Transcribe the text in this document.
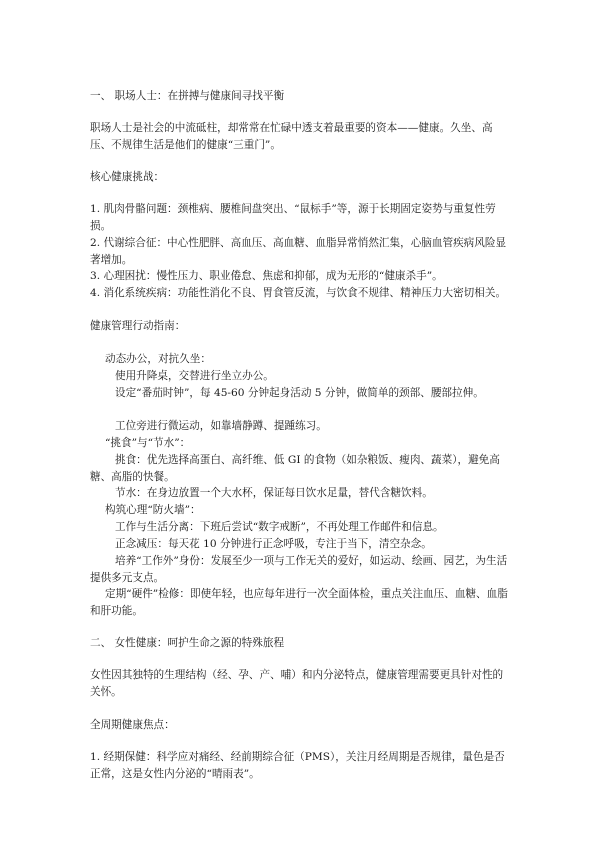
一、 职场人士：在拼搏与健康间寻找平衡

职场人士是社会的中流砥柱，却常常在忙碌中透支着最重要的资本——健康。久坐、高压、不规律生活是他们的健康“三重门”。

核心健康挑战：

1. 肌肉骨骼问题：颈椎病、腰椎间盘突出、“鼠标手”等，源于长期固定姿势与重复性劳损。

2. 代谢综合征：中心性肥胖、高血压、高血糖、血脂异常悄然汇集，心脑血管疾病风险显著增加。

3. 心理困扰：慢性压力、职业倦怠、焦虑和抑郁，成为无形的“健康杀手”。

4. 消化系统疾病：功能性消化不良、胃食管反流，与饮食不规律、精神压力大密切相关。

健康管理行动指南：

动态办公，对抗久坐：

使用升降桌，交替进行坐立办公。

设定“番茄时钟”，每 45-60 分钟起身活动 5 分钟，做简单的颈部、腰部拉伸。

工位旁进行微运动，如靠墙静蹲、提踵练习。

“挑食”与“节水”：

挑食：优先选择高蛋白、高纤维、低 GI 的食物（如杂粮饭、瘦肉、蔬菜），避免高糖、高脂的快餐。

节水：在身边放置一个大水杯，保证每日饮水足量，替代含糖饮料。

构筑心理“防火墙”：

工作与生活分离：下班后尝试“数字戒断”，不再处理工作邮件和信息。

正念减压：每天花 10 分钟进行正念呼吸，专注于当下，清空杂念。

培养“工作外”身份：发展至少一项与工作无关的爱好，如运动、绘画、园艺，为生活提供多元支点。

定期“硬件”检修：即使年轻，也应每年进行一次全面体检，重点关注血压、血糖、血脂和肝功能。

二、 女性健康：呵护生命之源的特殊旅程

女性因其独特的生理结构（经、孕、产、哺）和内分泌特点，健康管理需要更具针对性的关怀。

全周期健康焦点：

1. 经期保健：科学应对痛经、经前期综合征（PMS），关注月经周期是否规律，量色是否正常，这是女性内分泌的“晴雨表”。
